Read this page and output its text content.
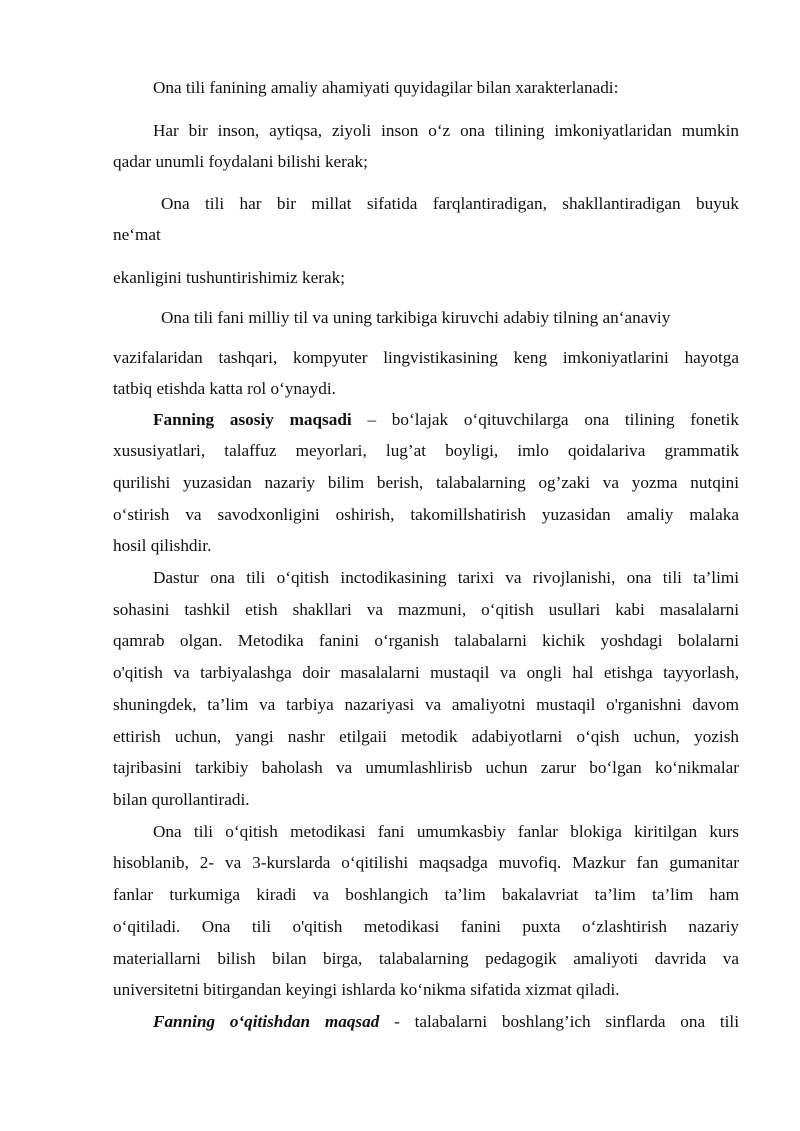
Ona tili fanining amaliy ahamiyati quyidagilar bilan xarakterlanadi:
Har bir inson, aytiqsa, ziyoli inson o‘z ona tilining imkoniyatlaridan mumkin
qadar unumli foydalani bilishi kerak;
Ona tili har bir millat sifatida farqlantiradigan, shakllantiradigan buyuk
ne‘mat
ekanligini tushuntirishimiz kerak;
Ona tili fani milliy til va uning tarkibiga kiruvchi adabiy tilning an‘anaviy
vazifalaridan tashqari, kompyuter lingvistikasining keng imkoniyatlarini hayotga
tatbiq etishda katta rol o‘ynaydi.
Fanning asosiy maqsadi – bo‘lajak o‘qituvchilarga ona tilining fonetik
xususiyatlari, talaffuz meyorlari, lug’at boyligi, imlo qoidalariva grammatik
qurilishi yuzasidan nazariy bilim berish, talabalarning og’zaki va yozma nutqini
o‘stirish va savodxonligini oshirish, takomillshatirish yuzasidan amaliy malaka
hosil qilishdir.
Dastur ona tili o‘qitish inctodikasining tarixi va rivojlanishi, ona tili ta’limi
sohasini tashkil etish shakllari va mazmuni, o‘qitish usullari kabi masalalarni
qamrab olgan. Metodika fanini o‘rganish talabalarni kichik yoshdagi bolalarni
o'qitish va tarbiyalashga doir masalalarni mustaqil va ongli hal etishga tayyorlash,
shuningdek, ta’lim va tarbiya nazariyasi va amaliyotni mustaqil o'rganishni davom
ettirish uchun, yangi nashr etilgaii metodik adabiyotlarni o‘qish uchun, yozish
tajribasini tarkibiy baholash va umumlashlirisb uchun zarur bo‘lgan ko‘nikmalar
bilan qurollantiradi.
Ona tili o‘qitish metodikasi fani umumkasbiy fanlar blokiga kiritilgan kurs
hisoblanib, 2- va 3-kurslarda o‘qitilishi maqsadga muvofiq. Mazkur fan gumanitar
fanlar turkumiga kiradi va boshlangich ta’lim bakalavriat ta’lim ta’lim ham
o‘qitiladi. Ona tili o'qitish metodikasi fanini puxta o‘zlashtirish nazariy
materiallarni bilish bilan birga, talabalarning pedagogik amaliyoti davrida va
universitetni bitirgandan keyingi ishlarda ko‘nikma sifatida xizmat qiladi.
Fanning o‘qitishdan maqsad - talabalarni boshlang’ich sinflarda ona tili
